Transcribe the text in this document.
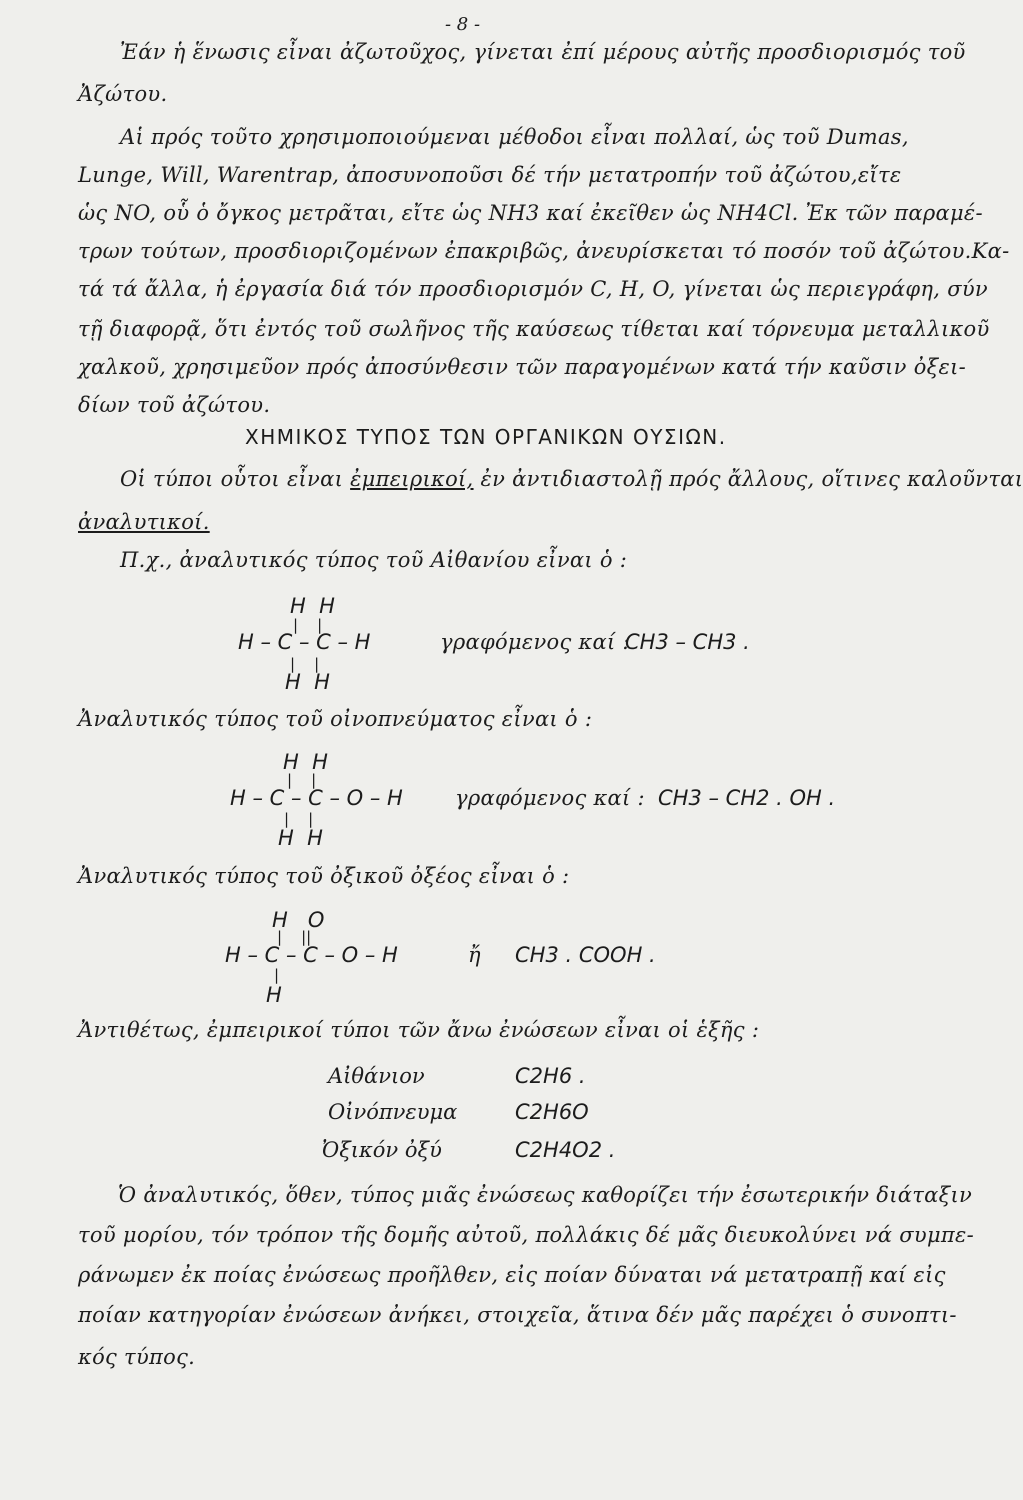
- 8 -
Ἐάν ἡ ἕνωσις εἶναι ἀζωτοῦχος, γίνεται ἐπί μέρους αὐτῆς προσδιορισμός τοῦ
Ἀζώτου.
Αἱ πρός τοῦτο χρησιμοποιούμεναι μέθοδοι εἶναι πολλαί, ὡς τοῦ Dumas,
Lunge, Will, Warentrap, ἀποσυνοποῦσι δέ τήν μετατροπήν τοῦ ἀζώτου,εἴτε
ὡς NO, οὗ ὁ ὄγκος μετρᾶται, εἴτε ὡς NH3 καί ἐκεῖθεν ὡς NH4Cl. Ἐκ τῶν παραμέ-
τρων τούτων, προσδιοριζομένων ἐπακριβῶς, ἀνευρίσκεται τό ποσόν τοῦ ἀζώτου.Κα-
τά τά ἄλλα, ἡ ἐργασία διά τόν προσδιορισμόν C, H, O, γίνεται ὡς περιεγράφη, σύν
τῇ διαφορᾷ, ὅτι ἐντός τοῦ σωλῆνος τῆς καύσεως τίθεται καί τόρνευμα μεταλλικοῦ
χαλκοῦ, χρησιμεῦον πρός ἀποσύνθεσιν τῶν παραγομένων κατά τήν καῦσιν ὀξει-
δίων τοῦ ἀζώτου.
ΧΗΜΙΚΟΣ ΤΥΠΟΣ ΤΩΝ ΟΡΓΑΝΙΚΩΝ ΟΥΣΙΩΝ.
Οἱ τύποι οὗτοι εἶναι ἐμπειρικοί, ἐν ἀντιδιαστολῇ πρός ἄλλους, οἵτινες καλοῦνται
ἀναλυτικοί.
Π.χ., ἀναλυτικός τύπος τοῦ Αἰθανίου εἶναι ὁ :
H  H
|    |
H – C – C – H
|    |
H  H
γραφόμενος καί :
CH3 – CH3 .
Ἀναλυτικός τύπος τοῦ οἰνοπνεύματος εἶναι ὁ :
H  H
|    |
H – C – C – O – H
|    |
H  H
γραφόμενος καί : CH3 – CH2 . OH .
Ἀναλυτικός τύπος τοῦ ὀξικοῦ ὀξέος εἶναι ὁ :
H   O
|    ||
H – C – C – O – H
|
H
ἤ	CH3 . COOH .
Ἀντιθέτως, ἐμπειρικοί τύποι τῶν ἄνω ἐνώσεων εἶναι οἱ ἑξῆς :
Αἰθάνιον	C2H6 .
Οἰνόπνευμα	C2H6O
Ὀξικόν ὀξύ	C2H4O2 .
Ὁ ἀναλυτικός, ὅθεν, τύπος μιᾶς ἐνώσεως καθορίζει τήν ἐσωτερικήν διάταξιν
τοῦ μορίου, τόν τρόπον τῆς δομῆς αὐτοῦ, πολλάκις δέ μᾶς διευκολύνει νά συμπε-
ράνωμεν ἐκ ποίας ἐνώσεως προῆλθεν, εἰς ποίαν δύναται νά μετατραπῇ καί εἰς
ποίαν κατηγορίαν ἐνώσεων ἀνήκει, στοιχεῖα, ἅτινα δέν μᾶς παρέχει ὁ συνοπτι-
κός τύπος.
